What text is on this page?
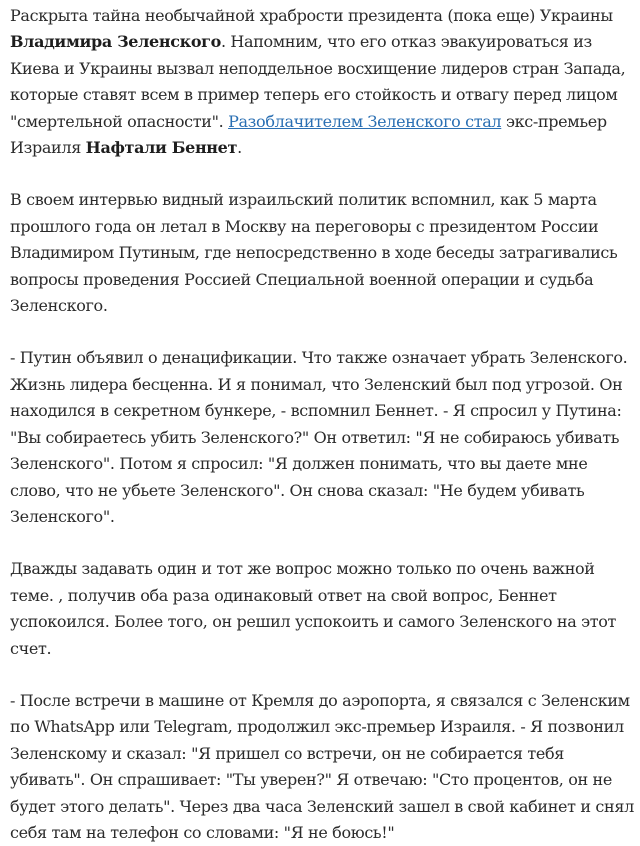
Раскрыта тайна необычайной храбрости президента (пока еще) Украины Владимира Зеленского. Напомним, что его отказ эвакуироваться из Киева и Украины вызвал неподдельное восхищение лидеров стран Запада, которые ставят всем в пример теперь его стойкость и отвагу перед лицом "смертельной опасности". Разоблачителем Зеленского стал экс-премьер Израиля Нафтали Беннет.

В своем интервью видный израильский политик вспомнил, как 5 марта прошлого года он летал в Москву на переговоры с президентом России Владимиром Путиным, где непосредственно в ходе беседы затрагивались вопросы проведения Россией Специальной военной операции и судьба Зеленского.

- Путин объявил о денацификации. Что также означает убрать Зеленского. Жизнь лидера бесценна. И я понимал, что Зеленский был под угрозой. Он находился в секретном бункере, - вспомнил Беннет. - Я спросил у Путина: "Вы собираетесь убить Зеленского?" Он ответил: "Я не собираюсь убивать Зеленского". Потом я спросил: "Я должен понимать, что вы даете мне слово, что не убьете Зеленского". Он снова сказал: "Не будем убивать Зеленского".

Дважды задавать один и тот же вопрос можно только по очень важной теме. , получив оба раза одинаковый ответ на свой вопрос, Беннет успокоился. Более того, он решил успокоить и самого Зеленского на этот счет.

- После встречи в машине от Кремля до аэропорта, я связался с Зеленским по WhatsApp или Telegram, продолжил экс-премьер Израиля. - Я позвонил Зеленскому и сказал: "Я пришел со встречи, он не собирается тебя убивать". Он спрашивает: "Ты уверен?" Я отвечаю: "Сто процентов, он не будет этого делать". Через два часа Зеленский зашел в свой кабинет и снял себя там на телефон со словами: "Я не боюсь!"
